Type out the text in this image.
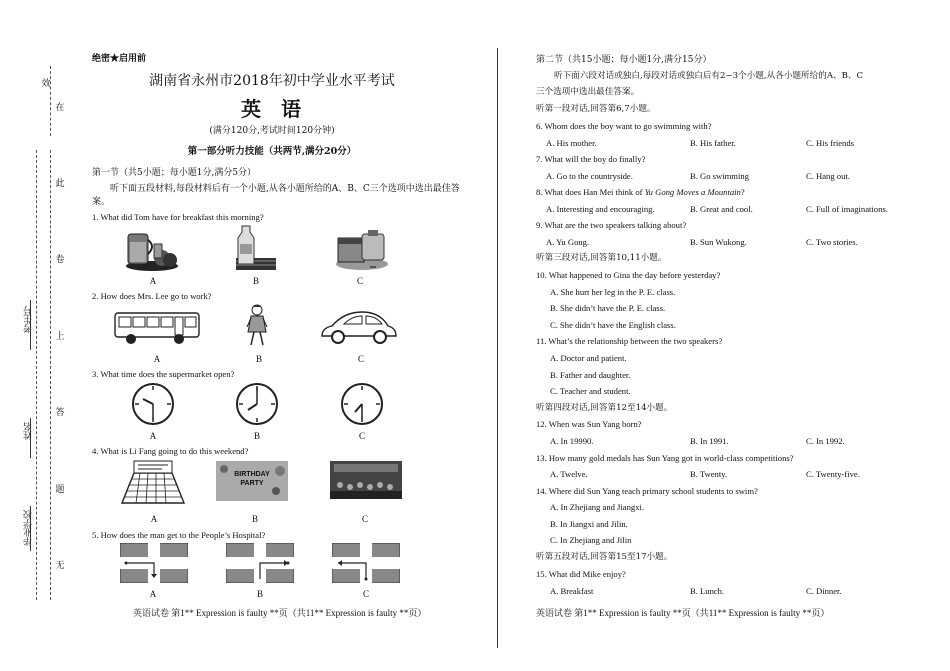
效
在
此
卷
上
答
题
无
考生号
姓名
毕业学校
绝密★启用前
湖南省永州市2018年初中学业水平考试
英  语
(满分120分,考试时间120分钟)
第一部分听力技能（共两节,满分20分）
第一节（共5小题；每小题1分,满分5分）
听下面五段材料,每段材料后有一个小题,从各小题所给的A、B、C三个选项中选出最佳答案。
1. What did Tom have for breakfast this morning?
A	B	C
2. How does Mrs. Lee go to work?
A	B	C
3. What time does the supermarket open?
A	B	C
4. What is Li Fang going to do this weekend?
BIRTHDAY PARTY
A	B	C
5. How does the man get to the People’s Hospital?
A	B	C
英语试卷 第1** Expression is faulty **页（共11** Expression is faulty **页）
第二节（共15小题；每小题1分,满分15分）
听下面六段对话或独白,每段对话或独白后有2~3个小题,从各小题所给的A、B、C
三个选项中选出最佳答案。
听第一段对话,回答第6,7小题。
6. Whom does the boy want to go swimming with?
A. His mother.	B. His father.	C. His friends
7. What will the boy do finally?
A. Go to the countryside.	B. Go swimming	C. Hang out.
8. What does Han Mei think of Yu Gong Moves a Mountain?
A. Interesting and encouraging.	B. Great and cool.	C. Full of imaginations.
9. What are the two speakers talking about?
A. Yu Gong.	B. Sun Wukong.	C. Two stories.
听第三段对话,回答第10,11小题。
10. What happened to Gina the day before yesterday?
A. She hurt her leg in the P. E. class.
B. She didn’t have the P. E. class.
C. She didn’t have the English class.
11. What’s the relationship between the two speakers?
A. Doctor and patient.
B. Father and daughter.
C. Teacher and student.
听第四段对话,回答第12至14小题。
12. When was Sun Yang born?
A. In 19990.	B. In 1991.	C. In 1992.
13. How many gold medals has Sun Yang got in world-class competitions?
A. Twelve.	B. Twenty.	C. Twenty-five.
14. Where did Sun Yang teach primary school students to swim?
A. In Zhejiang and Jiangxi.
B. In Jiangxi and Jilin.
C. In Zhejiang and Jilin
听第五段对话,回答第15至17小题。
15. What did Mike enjoy?
A. Breakfast	B. Lunch.	C. Dinner.
英语试卷 第1** Expression is faulty **页（共11** Expression is faulty **页）
